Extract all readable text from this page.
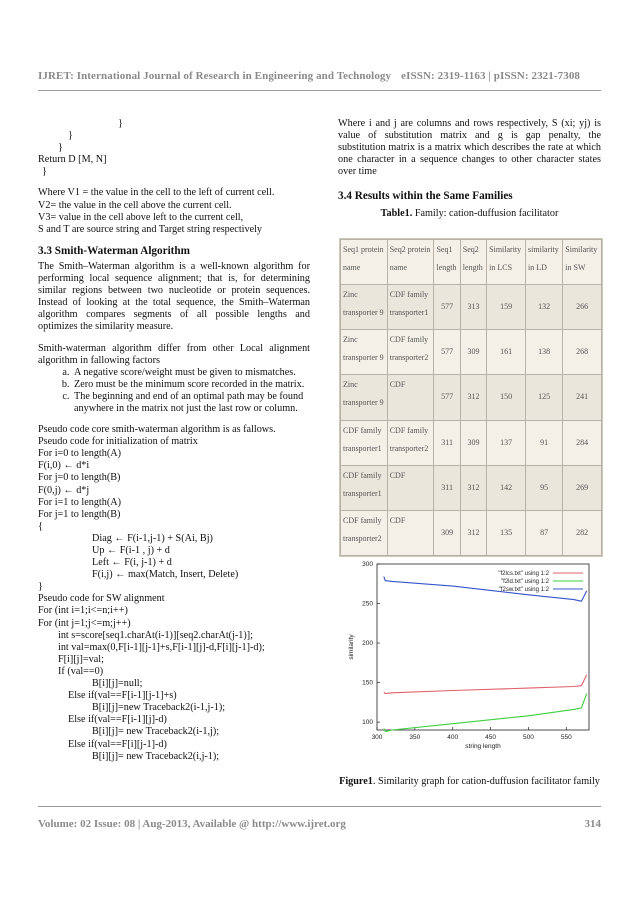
IJRET: International Journal of Research in Engineering and Technology eISSN: 2319-1163 | pISSN: 2321-7308
}
}
}
Return D [M, N]
}
Where V1 = the value in the cell to the left of current cell.
V2= the value in the cell above the current cell.
V3= value in the cell above left to the current cell,
S and T are source string and Target string respectively
3.3 Smith-Waterman Algorithm
The Smith–Waterman algorithm is a well-known algorithm for performing local sequence alignment; that is, for determining similar regions between two nucleotide or protein sequences. Instead of looking at the total sequence, the Smith–Waterman algorithm compares segments of all possible lengths and optimizes the similarity measure.
Smith-waterman algorithm differ from other Local alignment algorithm in fallowing factors
a. A negative score/weight must be given to mismatches.
b. Zero must be the minimum score recorded in the matrix.
c. The beginning and end of an optimal path may be found anywhere in the matrix not just the last row or column.
Pseudo code core smith-waterman algorithm is as fallows.
Pseudo code for initialization of matrix
For i=0 to length(A)
F(i,0) ← d*i
For j=0 to length(B)
F(0,j) ← d*j
For i=1 to length(A)
For j=1 to length(B)
{
Diag ← F(i-1,j-1) + S(Ai, Bj)
Up ← F(i-1 , j) + d
Left ← F(i, j-1) + d
F(i,j) ← max(Match, Insert, Delete)
}
Pseudo code for SW alignment
For (int i=1;i<=n;i++)
For (int j=1;j<=m;j++)
int s=score[seq1.charAt(i-1)][seq2.charAt(j-1)];
int val=max(0,F[i-1][j-1]+s,F[i-1][j]-d,F[i][j-1]-d);
F[i][j]=val;
If (val==0)
B[i][j]=null;
Else if(val==F[i-1][j-1]+s)
B[i][j]=new Traceback2(i-1,j-1);
Else if(val==F[i-1][j]-d)
B[i][j]= new Traceback2(i-1,j);
Else if(val==F[i][j-1]-d)
B[i][j]= new Traceback2(i,j-1);
Where i and j are columns and rows respectively, S (xi; yj) is value of substitution matrix and g is gap penalty, the substitution matrix is a matrix which describes the rate at which one character in a sequence changes to other character states over time
3.4 Results within the Same Families
Table1. Family: cation-duffusion facilitator
Seq1 protein name	Seq2 protein name	Seq1 length	Seq2 length	Similarity in LCS	similarity in LD	Similarity in SW
Zinc transporter 9	CDF family transporter1	577	313	159	132	266
Zinc transporter 9	CDF family transporter2	577	309	161	138	268
Zinc transporter 9	CDF	577	312	150	125	241
CDF family transporter1	CDF family transporter2	311	309	137	91	284
CDF family transporter1	CDF	311	312	142	95	269
CDF family transporter2	CDF	309	312	135	87	282
300	350	400	450	500	550
100
150
200
250
300
string length
similarity
"f2lcs.txt" using 1:2
"f2ld.txt" using 1:2
"f2sw.txt" using 1:2
Figure1. Similarity graph for cation-duffusion facilitator family
Volume: 02 Issue: 08 | Aug-2013, Available @ http://www.ijret.org	314
